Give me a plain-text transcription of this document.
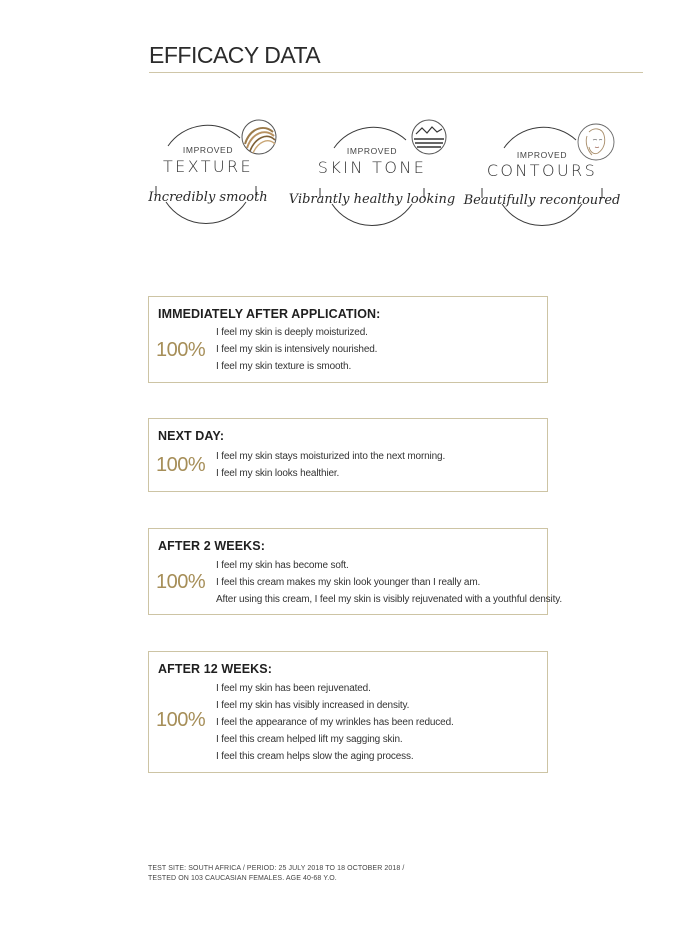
EFFICACY DATA
IMPROVED
TEXTURE
Incredibly smooth
IMPROVED
SKIN TONE
Vibrantly healthy looking
IMPROVED
CONTOURS
Beautifully recontoured
IMMEDIATELY AFTER APPLICATION:
100%
I feel my skin is deeply moisturized.
I feel my skin is intensively nourished.
I feel my skin texture is smooth.
NEXT DAY:
100% I feel my skin stays moisturized into the next morning.
I feel my skin looks healthier.
AFTER 2 WEEKS:
100%
I feel my skin has become soft.
I feel this cream makes my skin look younger than I really am.
After using this cream, I feel my skin is visibly rejuvenated with a youthful density.
AFTER 12 WEEKS:
100%
I feel my skin has been rejuvenated.
I feel my skin has visibly increased in density.
I feel the appearance of my wrinkles has been reduced.
I feel this cream helped lift my sagging skin.
I feel this cream helps slow the aging process.
TEST SITE: SOUTH AFRICA / PERIOD: 25 JULY 2018 TO 18 OCTOBER 2018 /
TESTED ON 103 CAUCASIAN FEMALES. AGE 40-68 Y.O.
